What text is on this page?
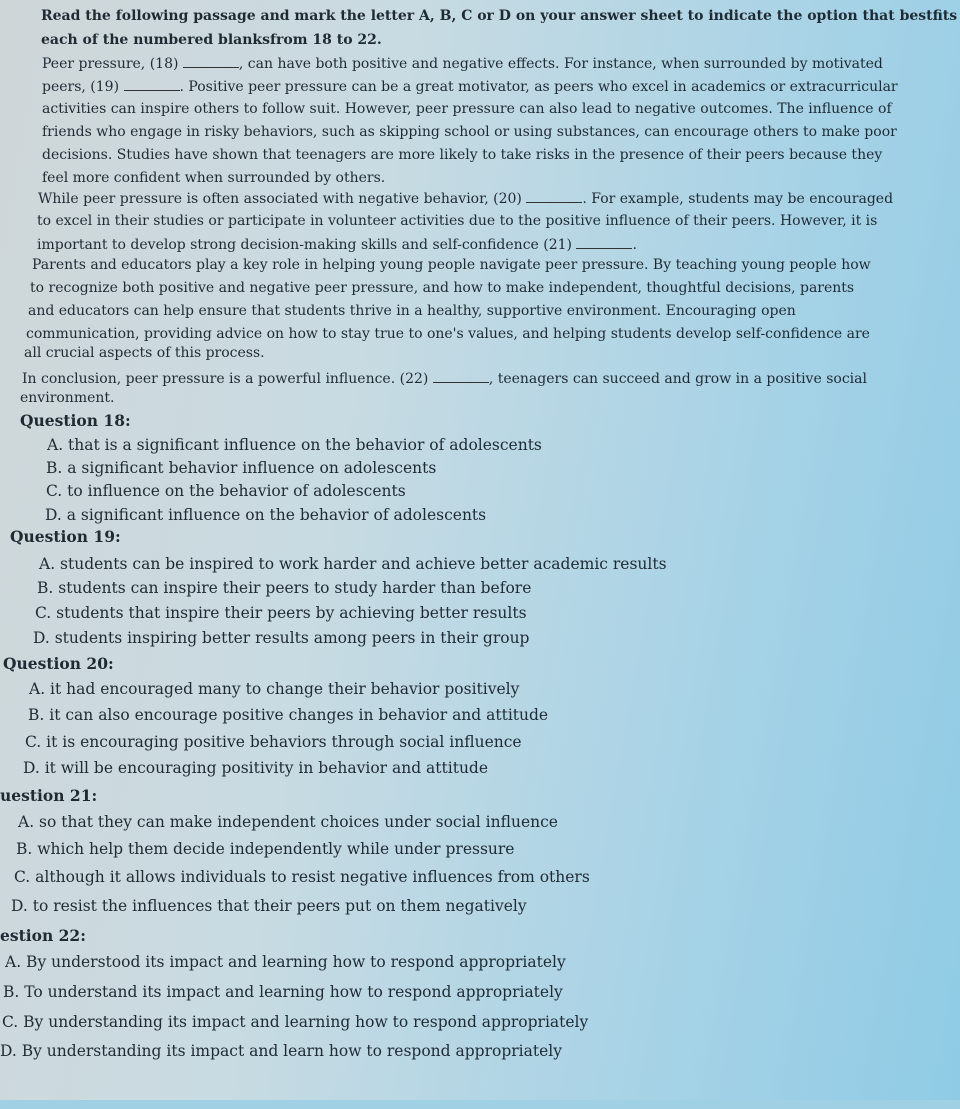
Read the following passage and mark the letter A, B, C or D on your answer sheet to indicate the option that bestfits
each of the numbered blanksfrom 18 to 22.
Peer pressure, (18)	, can have both positive and negative effects. For instance, when surrounded by motivated
peers, (19)	. Positive peer pressure can be a great motivator, as peers who excel in academics or extracurricular
activities can inspire others to follow suit. However, peer pressure can also lead to negative outcomes. The influence of
friends who engage in risky behaviors, such as skipping school or using substances, can encourage others to make poor
decisions. Studies have shown that teenagers are more likely to take risks in the presence of their peers because they
feel more confident when surrounded by others.
While peer pressure is often associated with negative behavior, (20)	. For example, students may be encouraged
to excel in their studies or participate in volunteer activities due to the positive influence of their peers. However, it is
important to develop strong decision-making skills and self-confidence (21)	.
Parents and educators play a key role in helping young people navigate peer pressure. By teaching young people how
to recognize both positive and negative peer pressure, and how to make independent, thoughtful decisions, parents
and educators can help ensure that students thrive in a healthy, supportive environment. Encouraging open
communication, providing advice on how to stay true to one's values, and helping students develop self-confidence are
all crucial aspects of this process.
In conclusion, peer pressure is a powerful influence. (22)	, teenagers can succeed and grow in a positive social
environment.
Question 18:
A. that is a significant influence on the behavior of adolescents
B. a significant behavior influence on adolescents
C. to influence on the behavior of adolescents
D. a significant influence on the behavior of adolescents
Question 19:
A. students can be inspired to work harder and achieve better academic results
B. students can inspire their peers to study harder than before
C. students that inspire their peers by achieving better results
D. students inspiring better results among peers in their group
Question 20:
A. it had encouraged many to change their behavior positively
B. it can also encourage positive changes in behavior and attitude
C. it is encouraging positive behaviors through social influence
D. it will be encouraging positivity in behavior and attitude
uestion 21:
A. so that they can make independent choices under social influence
B. which help them decide independently while under pressure
C. although it allows individuals to resist negative influences from others
D. to resist the influences that their peers put on them negatively
estion 22:
A. By understood its impact and learning how to respond appropriately
B. To understand its impact and learning how to respond appropriately
C. By understanding its impact and learning how to respond appropriately
D. By understanding its impact and learn how to respond appropriately
